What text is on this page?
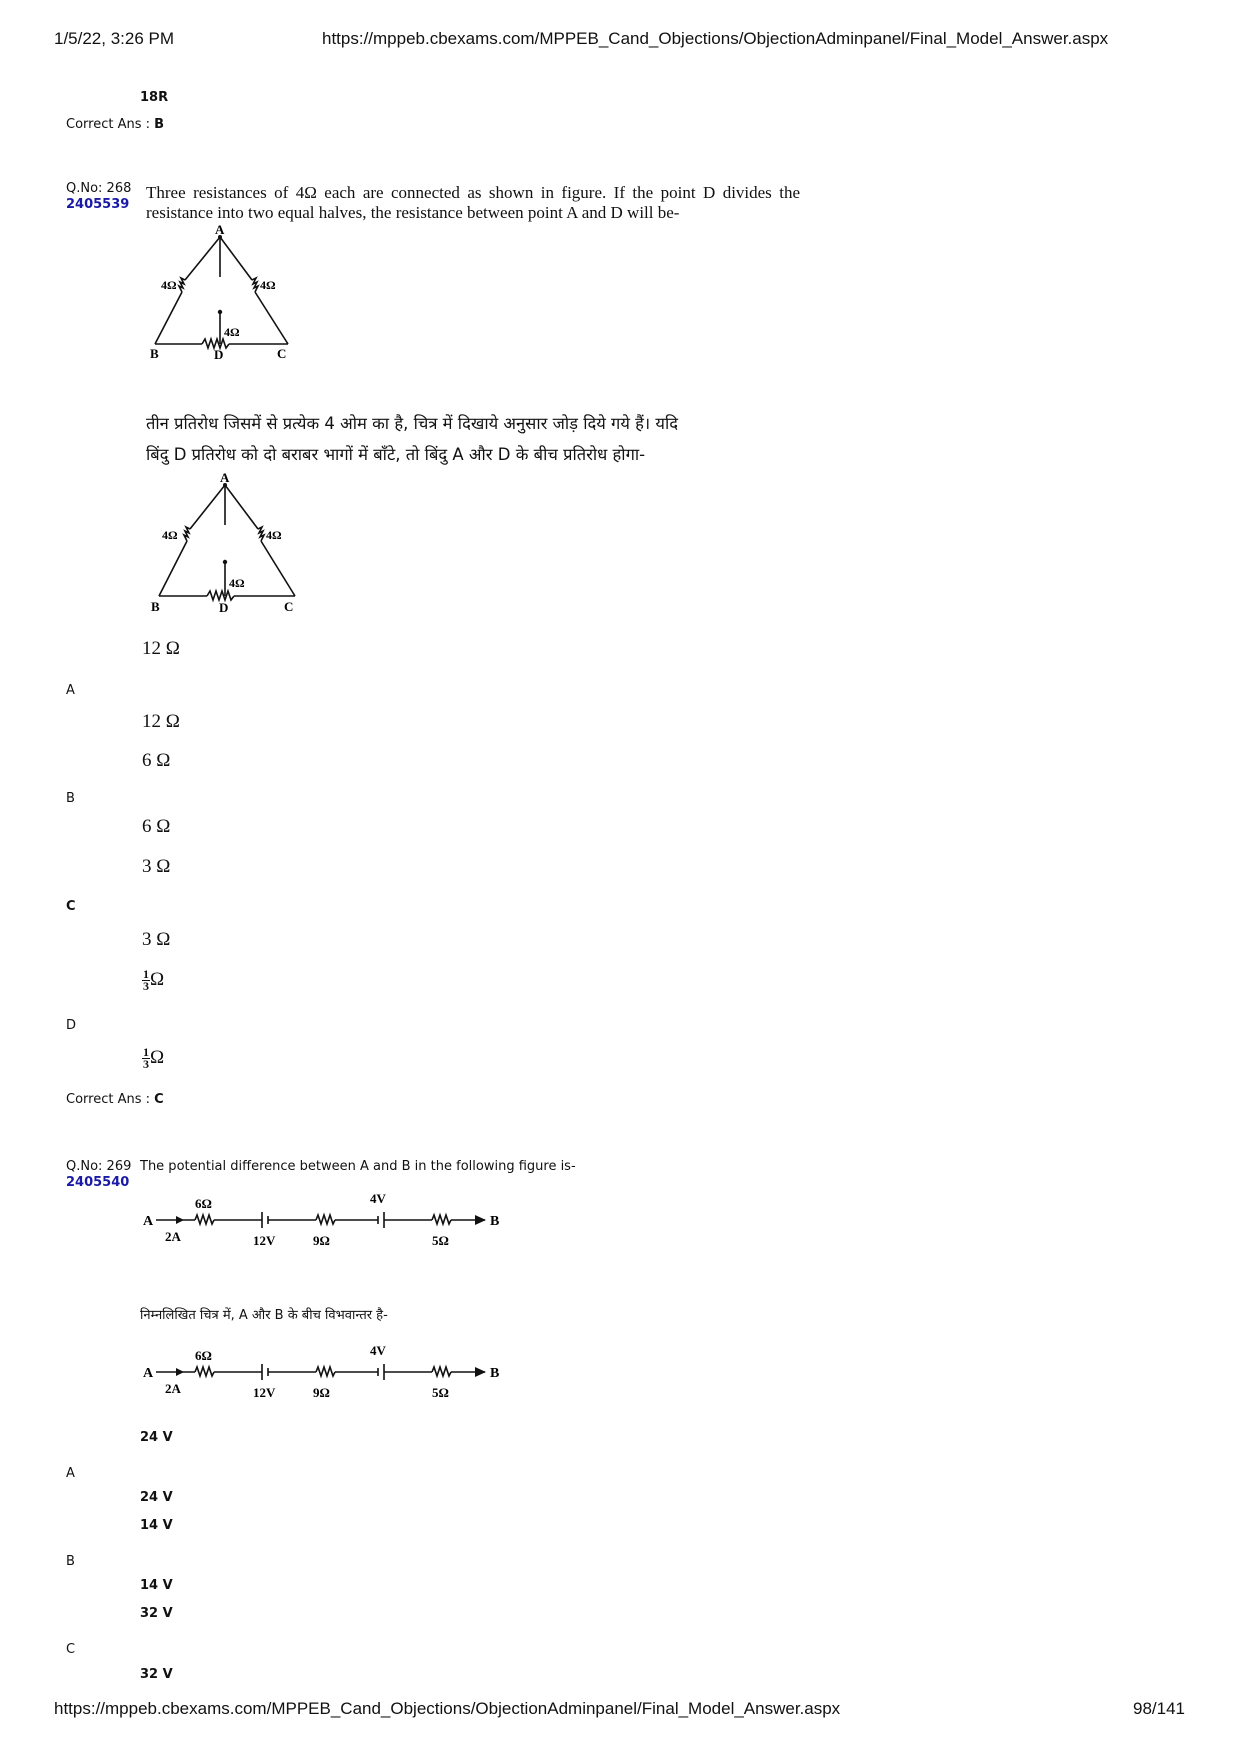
1/5/22, 3:26 PM	https://mppeb.cbexams.com/MPPEB_Cand_Objections/ObjectionAdminpanel/Final_Model_Answer.aspx
18R
Correct Ans : B
Q.No: 268
2405539
Three resistances of 4Ω each are connected as shown in figure. If the point D divides the resistance into two equal halves, the resistance between point A and D will be-
A
4Ω	4Ω
4Ω
B	D	C
तीन प्रतिरोध जिसमें से प्रत्येक 4 ओम का है, चित्र में दिखाये अनुसार जोड़ दिये गये हैं। यदि
बिंदु D प्रतिरोध को दो बराबर भागों में बाँटे, तो बिंदु A और D के बीच प्रतिरोध होगा-
A
4Ω	4Ω
4Ω
B	D	C
12 Ω
A
12 Ω
6 Ω
B
6 Ω
3 Ω
C
3 Ω
$\frac{1}{3}$ Ω
D
$\frac{1}{3}$ Ω
Correct Ans : C
Q.No: 269
2405540
The potential difference between A and B in the following figure is-
A	B
6Ω
2A	12V	9Ω
4V
5Ω
निम्नलिखित चित्र में, A और B के बीच विभवान्तर है-
A	B
6Ω
2A	12V	9Ω
4V
5Ω
24 V
A
24 V
14 V
B
14 V
32 V
C
32 V
https://mppeb.cbexams.com/MPPEB_Cand_Objections/ObjectionAdminpanel/Final_Model_Answer.aspx	98/141
